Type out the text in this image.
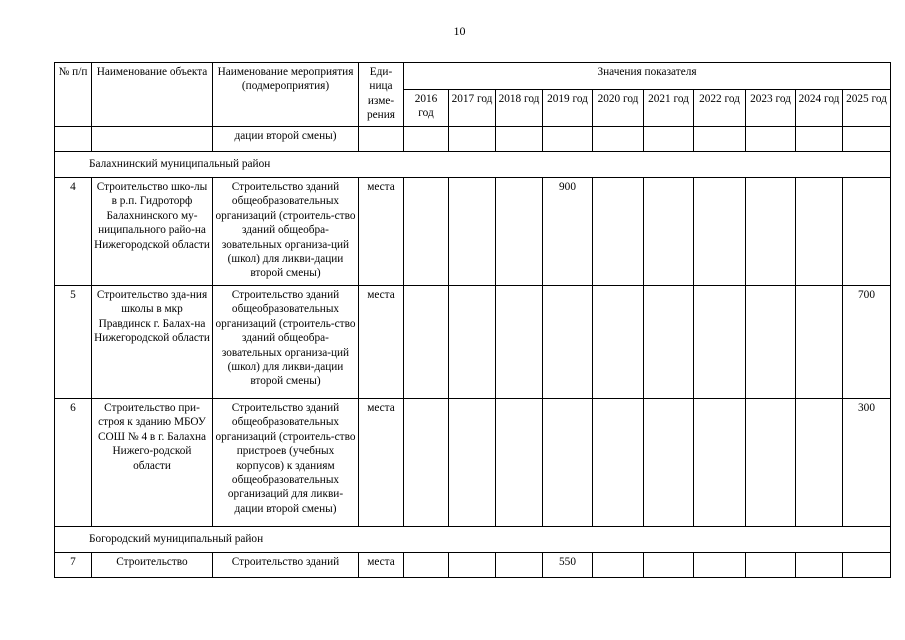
10
№ п/п	Наименование объекта	Наименование мероприятия (подмероприятия)	Еди-ница изме-рения	Значения показателя									
				2016 год	2017 год	2018 год	2019 год	2020 год	2021 год	2022 год	2023 год	2024 год	2025 год
		дации второй смены)											
Балахнинский муниципальный район													
4	Строительство шко-лы в р.п. Гидроторф Балахнинского му-ниципального райо-на Нижегородской области	Строительство зданий общеобразовательных организаций (строитель-ство зданий общеобра-зовательных организа-ций (школ) для ликви-дации второй смены)	места				900						
5	Строительство зда-ния школы в мкр Правдинск г. Балах-на Нижегородской области	Строительство зданий общеобразовательных организаций (строитель-ство зданий общеобра-зовательных организа-ций (школ) для ликви-дации второй смены)	места										700
6	Строительство при-строя к зданию МБОУ СОШ № 4 в г. Балахна Нижего-родской области	Строительство зданий общеобразовательных организаций (строитель-ство пристроев (учебных корпусов) к зданиям общеобразовательных организаций для ликви-дации второй смены)	места										300
Богородский муниципальный район													
7	Строительство	Строительство зданий	места				550						
